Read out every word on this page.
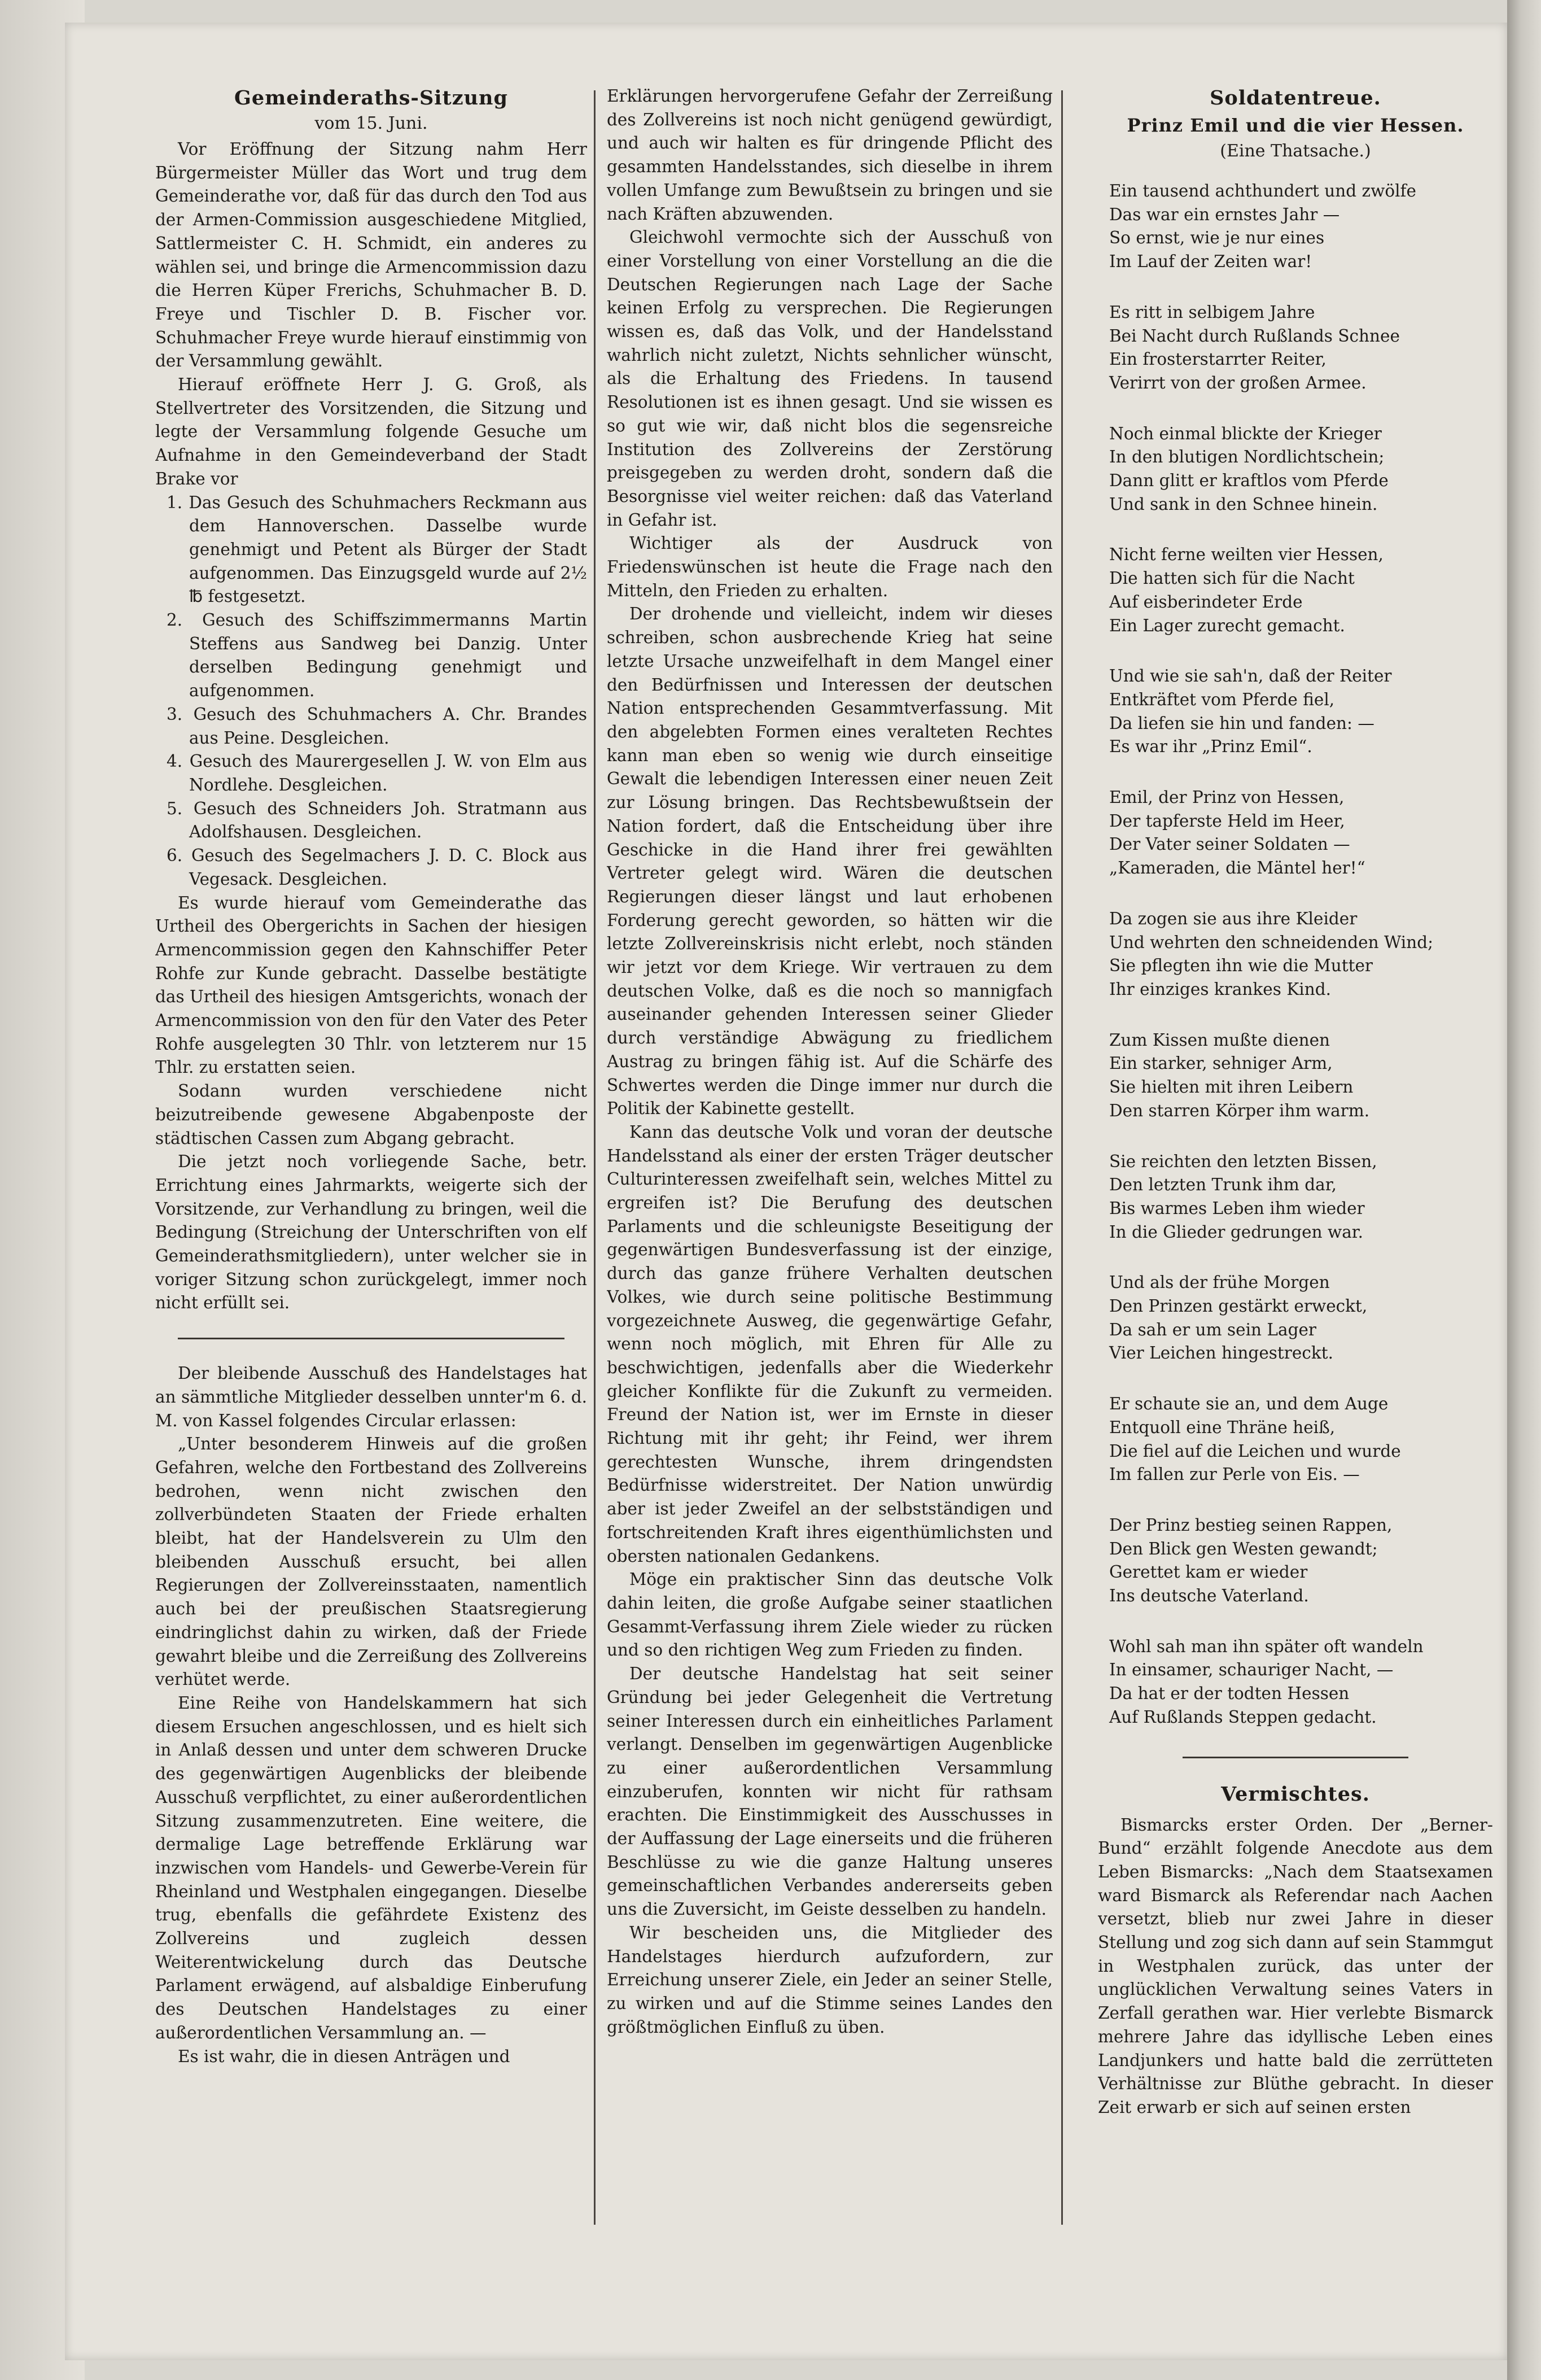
Gemeinderaths-Sitzung
vom 15. Juni.

Vor Eröffnung der Sitzung nahm Herr Bürgermeister Müller das Wort und trug dem Gemeinderathe vor, daß für das durch den Tod aus der Armen-Commission ausgeschiedene Mitglied, Sattlermeister C. H. Schmidt, ein anderes zu wählen sei, und bringe die Armencommission dazu die Herren Küper Frerichs, Schuhmacher B. D. Freye und Tischler D. B. Fischer vor. Schuhmacher Freye wurde hierauf einstimmig von der Versammlung gewählt.

Hierauf eröffnete Herr J. G. Groß, als Stellvertreter des Vorsitzenden, die Sitzung und legte der Versammlung folgende Gesuche um Aufnahme in den Gemeindeverband der Stadt Brake vor

1. Das Gesuch des Schuhmachers Reckmann aus dem Hannoverschen. Dasselbe wurde genehmigt und Petent als Bürger der Stadt aufgenommen. Das Einzugsgeld wurde auf 2½ ℔ festgesetzt.
2. Gesuch des Schiffszimmermanns Martin Steffens aus Sandweg bei Danzig. Unter derselben Bedingung genehmigt und aufgenommen.
3. Gesuch des Schuhmachers A. Chr. Brandes aus Peine. Desgleichen.
4. Gesuch des Maurergesellen J. W. von Elm aus Nordlehe. Desgleichen.
5. Gesuch des Schneiders Joh. Stratmann aus Adolfshausen. Desgleichen.
6. Gesuch des Segelmachers J. D. C. Block aus Vegesack. Desgleichen.

Es wurde hierauf vom Gemeinderathe das Urtheil des Obergerichts in Sachen der hiesigen Armencommission gegen den Kahnschiffer Peter Rohfe zur Kunde gebracht. Dasselbe bestätigte das Urtheil des hiesigen Amtsgerichts, wonach der Armencommission von den für den Vater des Peter Rohfe ausgelegten 30 Thlr. von letzterem nur 15 Thlr. zu erstatten seien.

Sodann wurden verschiedene nicht beizutreibende gewesene Abgabenposte der städtischen Cassen zum Abgang gebracht.

Die jetzt noch vorliegende Sache, betr. Errichtung eines Jahrmarkts, weigerte sich der Vorsitzende, zur Verhandlung zu bringen, weil die Bedingung (Streichung der Unterschriften von elf Gemeinderathsmitgliedern), unter welcher sie in voriger Sitzung schon zurückgelegt, immer noch nicht erfüllt sei.

Der bleibende Ausschuß des Handelstages hat an sämmtliche Mitglieder desselben unnter'm 6. d. M. von Kassel folgendes Circular erlassen:

„Unter besonderem Hinweis auf die großen Gefahren, welche den Fortbestand des Zollvereins bedrohen, wenn nicht zwischen den zollverbündeten Staaten der Friede erhalten bleibt, hat der Handelsverein zu Ulm den bleibenden Ausschuß ersucht, bei allen Regierungen der Zollvereinsstaaten, namentlich auch bei der preußischen Staatsregierung eindringlichst dahin zu wirken, daß der Friede gewahrt bleibe und die Zerreißung des Zollvereins verhütet werde.

Eine Reihe von Handelskammern hat sich diesem Ersuchen angeschlossen, und es hielt sich in Anlaß dessen und unter dem schweren Drucke des gegenwärtigen Augenblicks der bleibende Ausschuß verpflichtet, zu einer außerordentlichen Sitzung zusammenzutreten. Eine weitere, die dermalige Lage betreffende Erklärung war inzwischen vom Handels- und Gewerbe-Verein für Rheinland und Westphalen eingegangen. Dieselbe trug, ebenfalls die gefährdete Existenz des Zollvereins und zugleich dessen Weiterentwickelung durch das Deutsche Parlament erwägend, auf alsbaldige Einberufung des Deutschen Handelstages zu einer außerordentlichen Versammlung an. —

Es ist wahr, die in diesen Anträgen und

Erklärungen hervorgerufene Gefahr der Zerreißung des Zollvereins ist noch nicht genügend gewürdigt, und auch wir halten es für dringende Pflicht des gesammten Handelsstandes, sich dieselbe in ihrem vollen Umfange zum Bewußtsein zu bringen und sie nach Kräften abzuwenden.

Gleichwohl vermochte sich der Ausschuß von einer Vorstellung von einer Vorstellung an die die Deutschen Regierungen nach Lage der Sache keinen Erfolg zu versprechen. Die Regierungen wissen es, daß das Volk, und der Handelsstand wahrlich nicht zuletzt, Nichts sehnlicher wünscht, als die Erhaltung des Friedens. In tausend Resolutionen ist es ihnen gesagt. Und sie wissen es so gut wie wir, daß nicht blos die segensreiche Institution des Zollvereins der Zerstörung preisgegeben zu werden droht, sondern daß die Besorgnisse viel weiter reichen: daß das Vaterland in Gefahr ist.

Wichtiger als der Ausdruck von Friedenswünschen ist heute die Frage nach den Mitteln, den Frieden zu erhalten.

Der drohende und vielleicht, indem wir dieses schreiben, schon ausbrechende Krieg hat seine letzte Ursache unzweifelhaft in dem Mangel einer den Bedürfnissen und Interessen der deutschen Nation entsprechenden Gesammtverfassung. Mit den abgelebten Formen eines veralteten Rechtes kann man eben so wenig wie durch einseitige Gewalt die lebendigen Interessen einer neuen Zeit zur Lösung bringen. Das Rechtsbewußtsein der Nation fordert, daß die Entscheidung über ihre Geschicke in die Hand ihrer frei gewählten Vertreter gelegt wird. Wären die deutschen Regierungen dieser längst und laut erhobenen Forderung gerecht geworden, so hätten wir die letzte Zollvereinskrisis nicht erlebt, noch ständen wir jetzt vor dem Kriege. Wir vertrauen zu dem deutschen Volke, daß es die noch so mannigfach auseinander gehenden Interessen seiner Glieder durch verständige Abwägung zu friedlichem Austrag zu bringen fähig ist. Auf die Schärfe des Schwertes werden die Dinge immer nur durch die Politik der Kabinette gestellt.

Kann das deutsche Volk und voran der deutsche Handelsstand als einer der ersten Träger deutscher Culturinteressen zweifelhaft sein, welches Mittel zu ergreifen ist? Die Berufung des deutschen Parlaments und die schleunigste Beseitigung der gegenwärtigen Bundesverfassung ist der einzige, durch das ganze frühere Verhalten deutschen Volkes, wie durch seine politische Bestimmung vorgezeichnete Ausweg, die gegenwärtige Gefahr, wenn noch möglich, mit Ehren für Alle zu beschwichtigen, jedenfalls aber die Wiederkehr gleicher Konflikte für die Zukunft zu vermeiden. Freund der Nation ist, wer im Ernste in dieser Richtung mit ihr geht; ihr Feind, wer ihrem gerechtesten Wunsche, ihrem dringendsten Bedürfnisse widerstreitet. Der Nation unwürdig aber ist jeder Zweifel an der selbstständigen und fortschreitenden Kraft ihres eigenthümlichsten und obersten nationalen Gedankens.

Möge ein praktischer Sinn das deutsche Volk dahin leiten, die große Aufgabe seiner staatlichen Gesammt-Verfassung ihrem Ziele wieder zu rücken und so den richtigen Weg zum Frieden zu finden.

Der deutsche Handelstag hat seit seiner Gründung bei jeder Gelegenheit die Vertretung seiner Interessen durch ein einheitliches Parlament verlangt. Denselben im gegenwärtigen Augenblicke zu einer außerordentlichen Versammlung einzuberufen, konnten wir nicht für rathsam erachten. Die Einstimmigkeit des Ausschusses in der Auffassung der Lage einerseits und die früheren Beschlüsse zu wie die ganze Haltung unseres gemeinschaftlichen Verbandes andererseits geben uns die Zuversicht, im Geiste desselben zu handeln.

Wir bescheiden uns, die Mitglieder des Handelstages hierdurch aufzufordern, zur Erreichung unserer Ziele, ein Jeder an seiner Stelle, zu wirken und auf die Stimme seines Landes den größtmöglichen Einfluß zu üben.

Soldatentreue.
Prinz Emil und die vier Hessen.
(Eine Thatsache.)
Ein tausend achthundert und zwölfe
Das war ein ernstes Jahr —
So ernst, wie je nur eines
Im Lauf der Zeiten war!
Es ritt in selbigem Jahre
Bei Nacht durch Rußlands Schnee
Ein frosterstarrter Reiter,
Verirrt von der großen Armee.
Noch einmal blickte der Krieger
In den blutigen Nordlichtschein;
Dann glitt er kraftlos vom Pferde
Und sank in den Schnee hinein.
Nicht ferne weilten vier Hessen,
Die hatten sich für die Nacht
Auf eisberindeter Erde
Ein Lager zurecht gemacht.
Und wie sie sah'n, daß der Reiter
Entkräftet vom Pferde fiel,
Da liefen sie hin und fanden: —
Es war ihr „Prinz Emil“.
Emil, der Prinz von Hessen,
Der tapferste Held im Heer,
Der Vater seiner Soldaten —
„Kameraden, die Mäntel her!“
Da zogen sie aus ihre Kleider
Und wehrten den schneidenden Wind;
Sie pflegten ihn wie die Mutter
Ihr einziges krankes Kind.
Zum Kissen mußte dienen
Ein starker, sehniger Arm,
Sie hielten mit ihren Leibern
Den starren Körper ihm warm.
Sie reichten den letzten Bissen,
Den letzten Trunk ihm dar,
Bis warmes Leben ihm wieder
In die Glieder gedrungen war.
Und als der frühe Morgen
Den Prinzen gestärkt erweckt,
Da sah er um sein Lager
Vier Leichen hingestreckt.
Er schaute sie an, und dem Auge
Entquoll eine Thräne heiß,
Die fiel auf die Leichen und wurde
Im fallen zur Perle von Eis. —
Der Prinz bestieg seinen Rappen,
Den Blick gen Westen gewandt;
Gerettet kam er wieder
Ins deutsche Vaterland.
Wohl sah man ihn später oft wandeln
In einsamer, schauriger Nacht, —
Da hat er der todten Hessen
Auf Rußlands Steppen gedacht.
Vermischtes.

Bismarcks erster Orden. Der „Berner-Bund“ erzählt folgende Anecdote aus dem Leben Bismarcks: „Nach dem Staatsexamen ward Bismarck als Referendar nach Aachen versetzt, blieb nur zwei Jahre in dieser Stellung und zog sich dann auf sein Stammgut in Westphalen zurück, das unter der unglücklichen Verwaltung seines Vaters in Zerfall gerathen war. Hier verlebte Bismarck mehrere Jahre das idyllische Leben eines Landjunkers und hatte bald die zerrütteten Verhältnisse zur Blüthe gebracht. In dieser Zeit erwarb er sich auf seinen ersten
